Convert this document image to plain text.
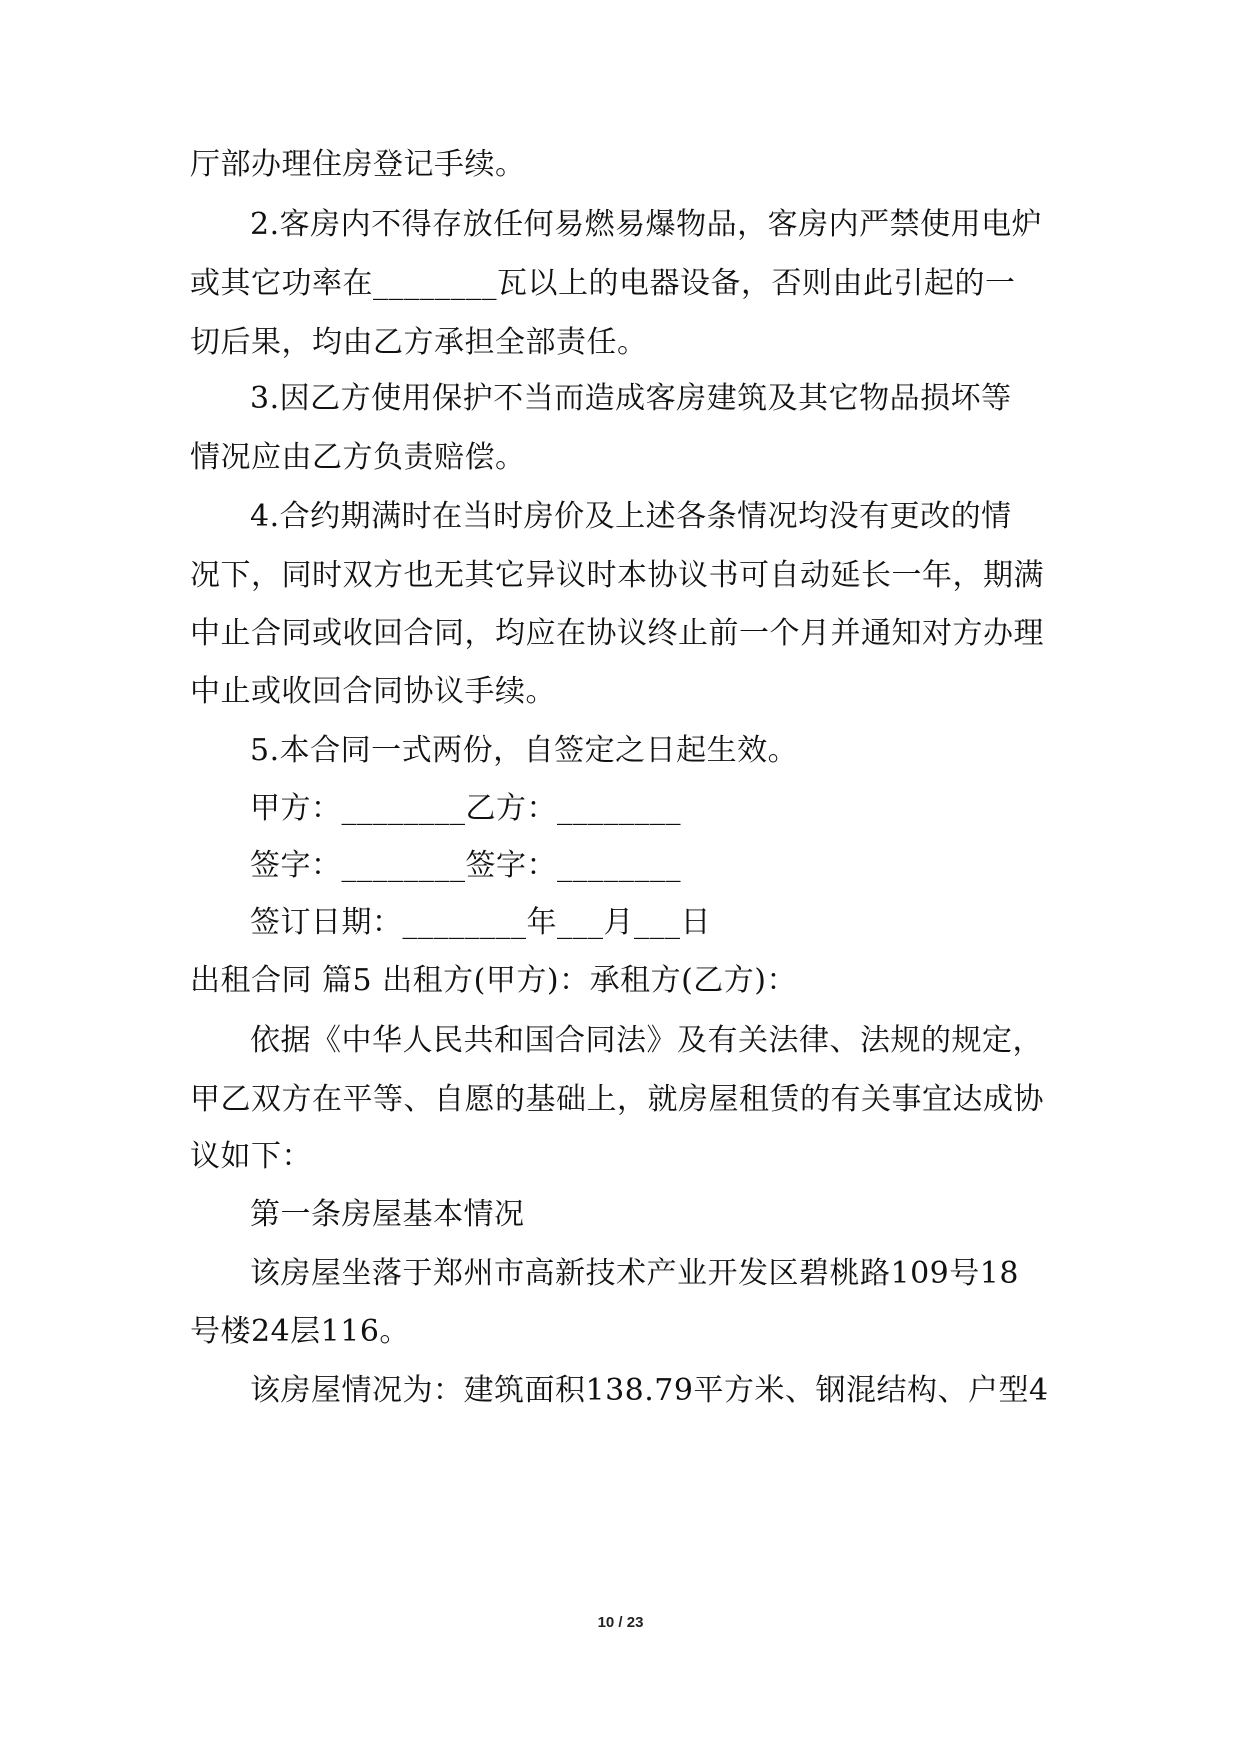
厅部办理住房登记手续。
2.客房内不得存放任何易燃易爆物品，客房内严禁使用电炉
或其它功率在________瓦以上的电器设备，否则由此引起的一
切后果，均由乙方承担全部责任。
3.因乙方使用保护不当而造成客房建筑及其它物品损坏等
情况应由乙方负责赔偿。
4.合约期满时在当时房价及上述各条情况均没有更改的情
况下，同时双方也无其它异议时本协议书可自动延长一年，期满
中止合同或收回合同，均应在协议终止前一个月并通知对方办理
中止或收回合同协议手续。
5.本合同一式两份，自签定之日起生效。
甲方：________乙方：________
签字：________签字：________
签订日期：________年___月___日
出租合同 篇5 出租方(甲方)：承租方(乙方)：
依据《中华人民共和国合同法》及有关法律、法规的规定，
甲乙双方在平等、自愿的基础上，就房屋租赁的有关事宜达成协
议如下：
第一条房屋基本情况
该房屋坐落于郑州市高新技术产业开发区碧桃路109号18
号楼24层116。
该房屋情况为：建筑面积138.79平方米、钢混结构、户型4
10 / 23
